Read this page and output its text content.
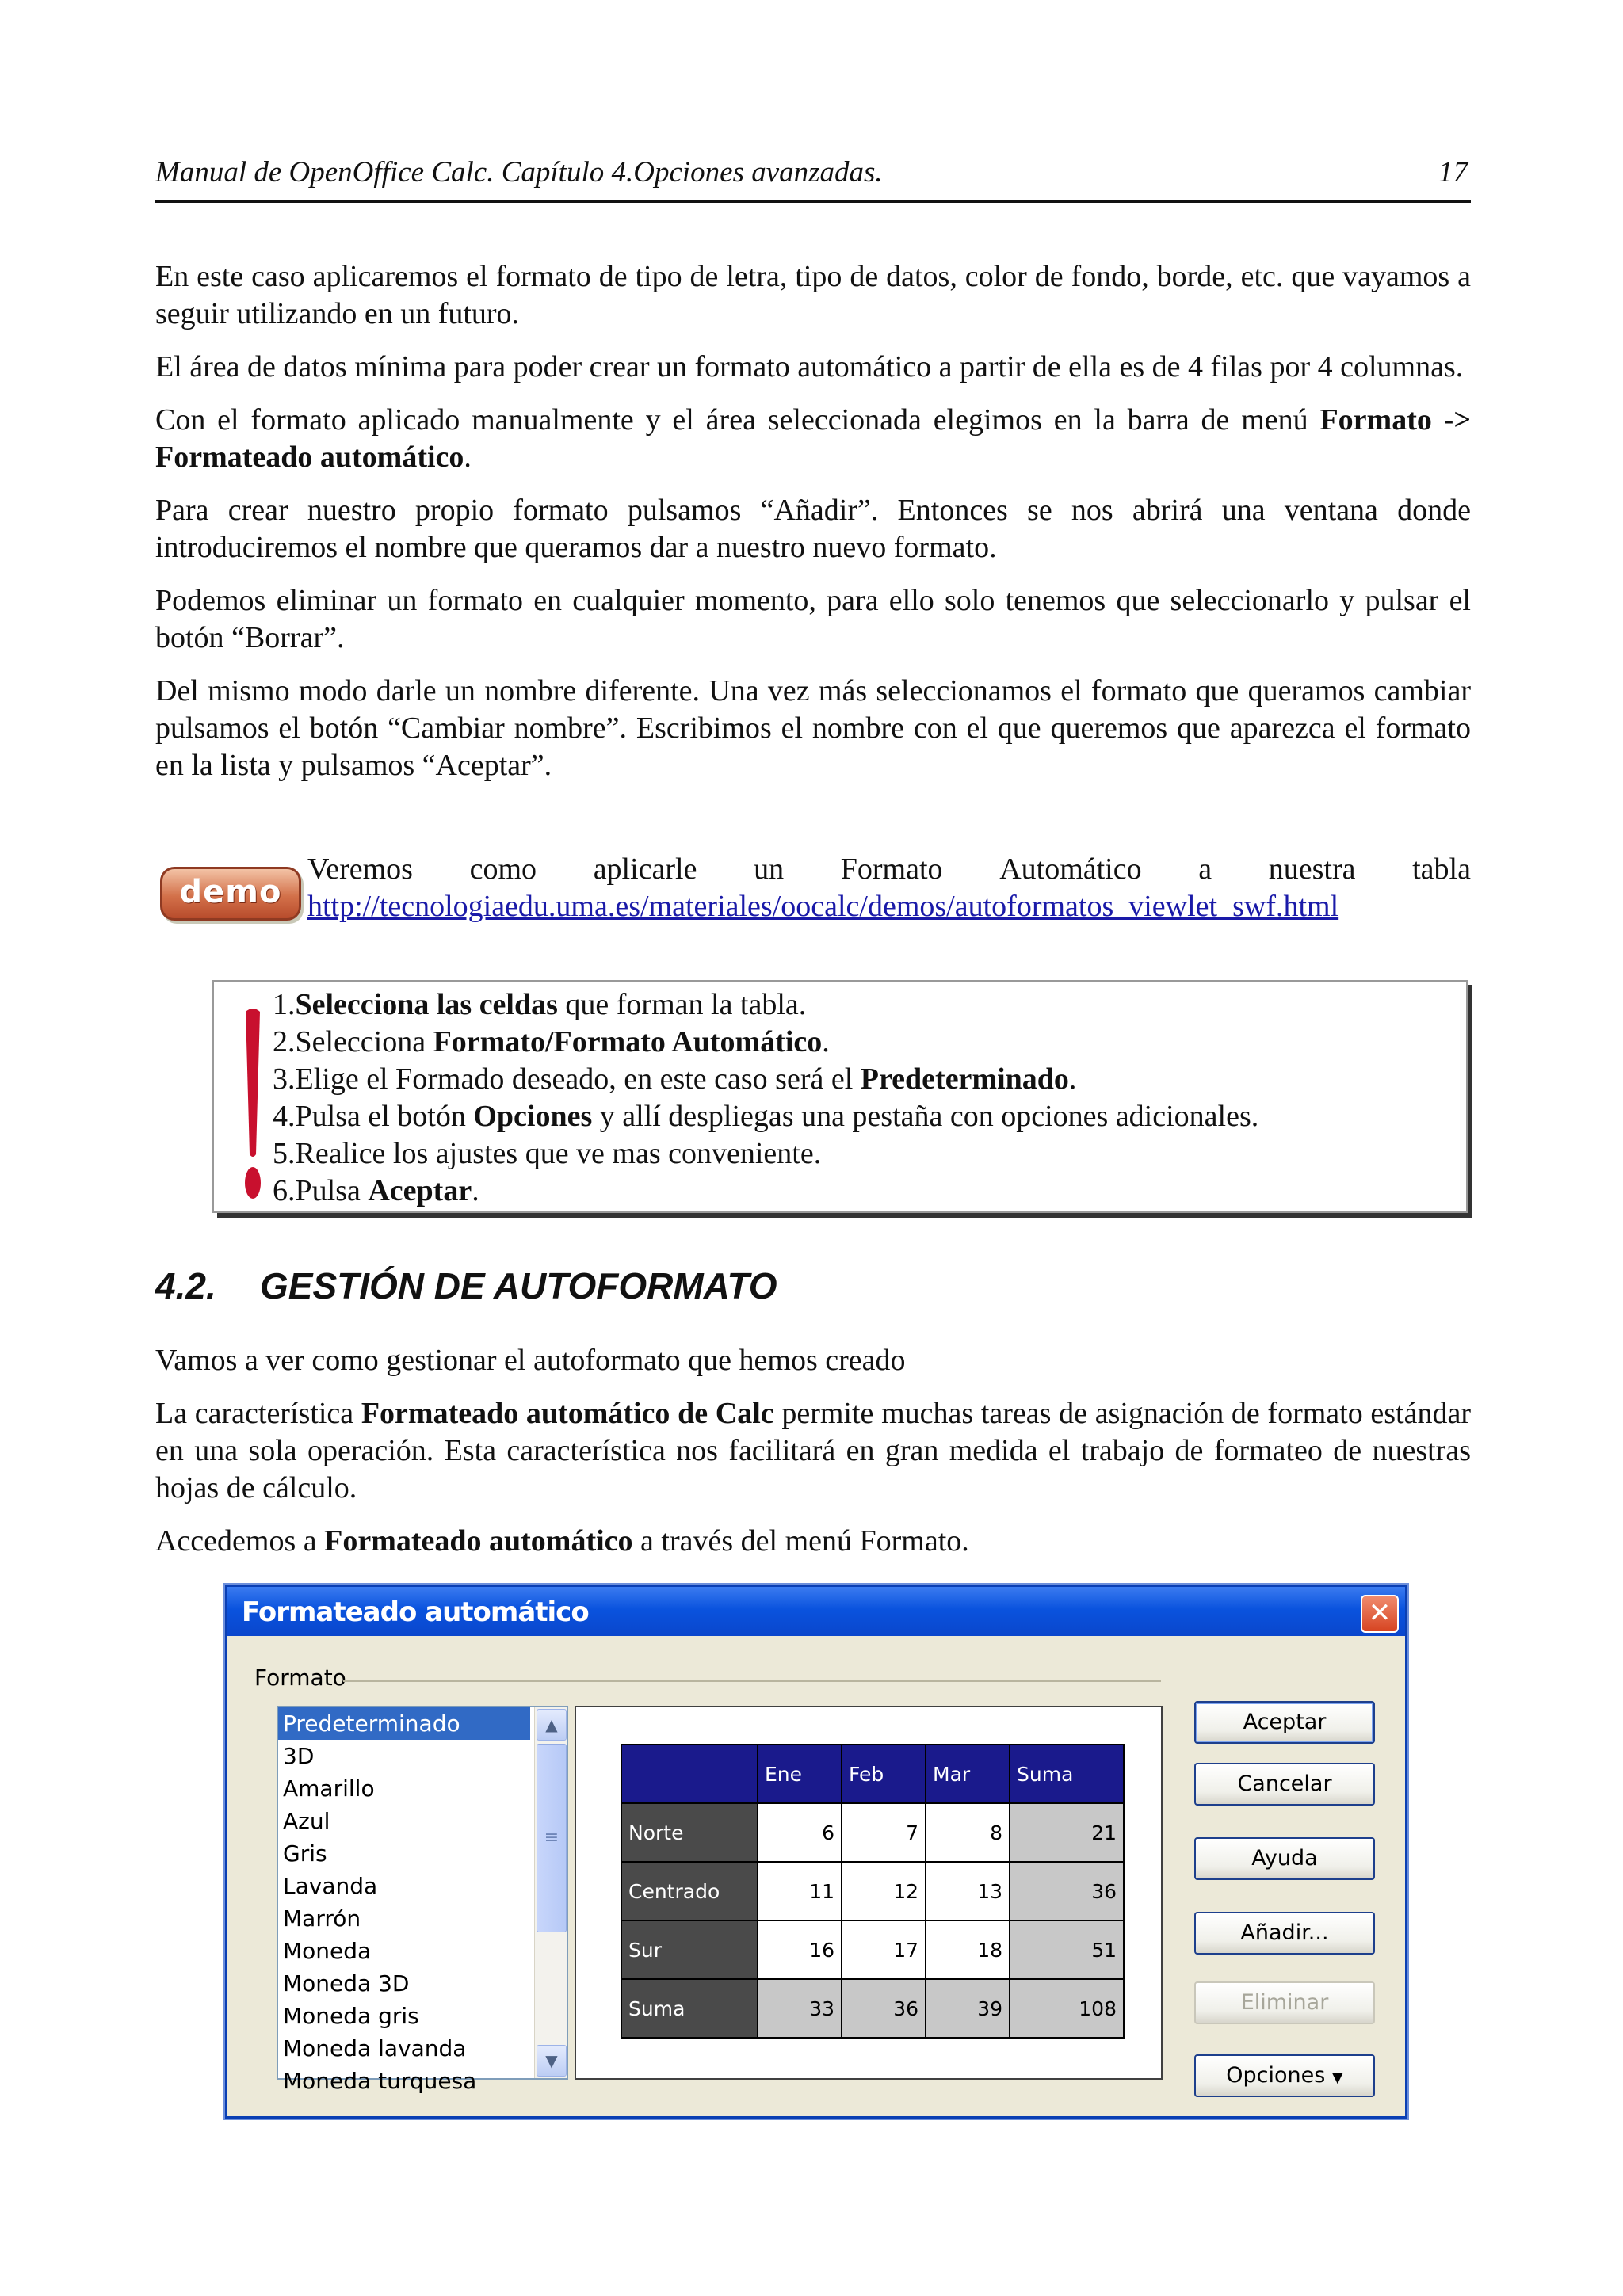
Manual de OpenOffice Calc. Capítulo 4.Opciones avanzadas.	17

En este caso aplicaremos el formato de tipo de letra, tipo de datos, color de fondo, borde, etc. que vayamos a seguir utilizando en un futuro.

El área de datos mínima para poder crear un formato automático a partir de ella es de 4 filas por 4 columnas.

Con el formato aplicado manualmente y el área seleccionada elegimos en la barra de menú Formato -> Formateado automático.

Para crear nuestro propio formato pulsamos “Añadir”. Entonces se nos abrirá una ventana donde introduciremos el nombre que queramos dar a nuestro nuevo formato.

Podemos eliminar un formato en cualquier momento, para ello solo tenemos que seleccionarlo y pulsar el botón “Borrar”.

Del mismo modo darle un nombre diferente. Una vez más seleccionamos el formato que queramos cambiar pulsamos el botón “Cambiar nombre”. Escribimos el nombre con el que queremos que aparezca el formato en la lista y pulsamos “Aceptar”.

demo
Veremos como aplicarle un Formato Automático a nuestra tabla
http://tecnologiaedu.uma.es/materiales/oocalc/demos/autoformatos_viewlet_swf.html
1.Selecciona las celdas que forman la tabla.
2.Selecciona Formato/Formato Automático.
3.Elige el Formado deseado, en este caso será el Predeterminado.
4.Pulsa el botón Opciones y allí despliegas una pestaña con opciones adicionales.
5.Realice los ajustes que ve mas conveniente.
6.Pulsa Aceptar.
4.2. GESTIÓN DE AUTOFORMATO

Vamos a ver como gestionar el autoformato que hemos creado

La característica Formateado automático de Calc permite muchas tareas de asignación de formato estándar en una sola operación. Esta característica nos facilitará en gran medida el trabajo de formateo de nuestras hojas de cálculo.

Accedemos a Formateado automático a través del menú Formato.

Formateado automático	✕
Formato
Predeterminado
3D
Amarillo
Azul
Gris
Lavanda
Marrón
Moneda
Moneda 3D
Moneda gris
Moneda lavanda
Moneda turquesa
▲
≡
▼
	Ene	Feb	Mar	Suma
Norte	6	7	8	21
Centrado	11	12	13	36
Sur	16	17	18	51
Suma	33	36	39	108
Aceptar
Cancelar
Ayuda
Añadir...
Eliminar
Opciones ▼
